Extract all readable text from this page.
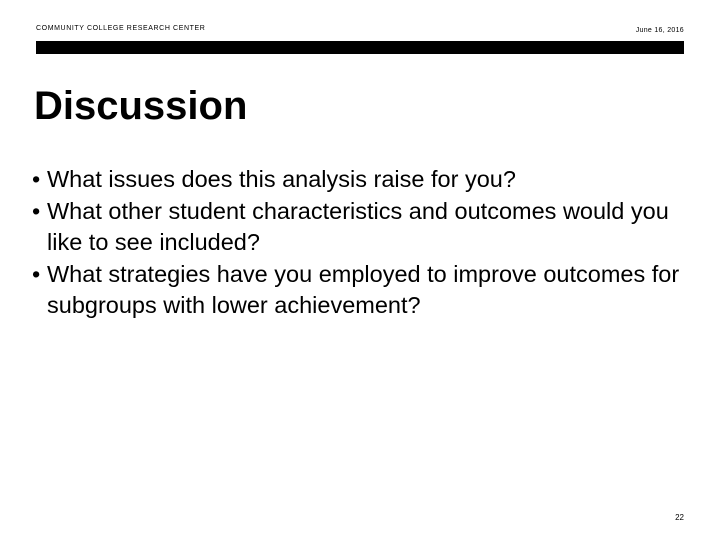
COMMUNITY COLLEGE RESEARCH CENTER	June 16, 2016
Discussion
• What issues does this analysis raise for you?
• What other student characteristics and outcomes would you like to see included?
• What strategies have you employed to improve outcomes for subgroups with lower achievement?
22
